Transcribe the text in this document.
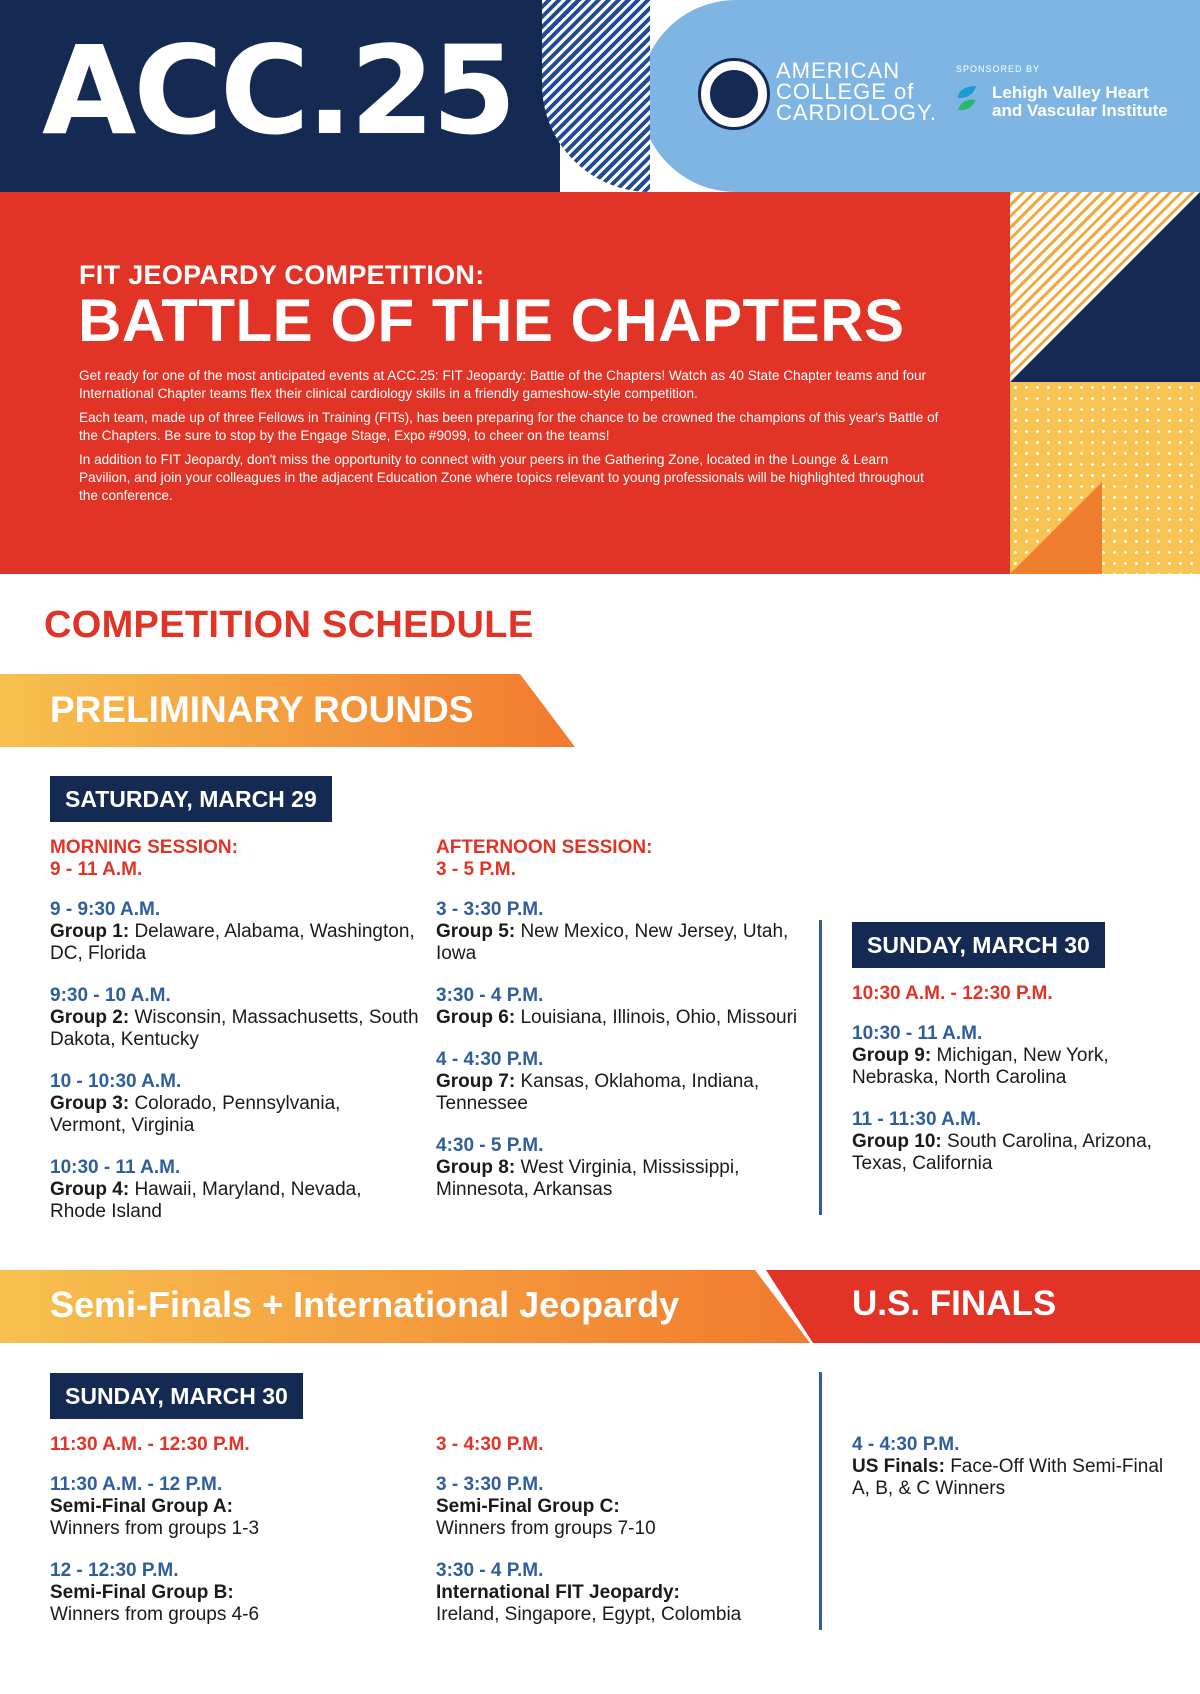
ACC.25	AMERICAN COLLEGE of CARDIOLOGY.
SPONSORED BY
Lehigh Valley Heart and Vascular Institute
FIT JEOPARDY COMPETITION:
BATTLE OF THE CHAPTERS

Get ready for one of the most anticipated events at ACC.25: FIT Jeopardy: Battle of the Chapters! Watch as 40 State Chapter teams and four International Chapter teams flex their clinical cardiology skills in a friendly gameshow-style competition.

Each team, made up of three Fellows in Training (FITs), has been preparing for the chance to be crowned the champions of this year's Battle of the Chapters. Be sure to stop by the Engage Stage, Expo #9099, to cheer on the teams!

In addition to FIT Jeopardy, don't miss the opportunity to connect with your peers in the Gathering Zone, located in the Lounge & Learn Pavilion, and join your colleagues in the adjacent Education Zone where topics relevant to young professionals will be highlighted throughout the conference.

COMPETITION SCHEDULE
PRELIMINARY ROUNDS
SATURDAY, MARCH 29
MORNING SESSION:
9 - 11 A.M.
9 - 9:30 A.M.
Group 1: Delaware, Alabama, Washington, DC, Florida
9:30 - 10 A.M.
Group 2: Wisconsin, Massachusetts, South Dakota, Kentucky
10 - 10:30 A.M.
Group 3: Colorado, Pennsylvania, Vermont, Virginia
10:30 - 11 A.M.
Group 4: Hawaii, Maryland, Nevada, Rhode Island
AFTERNOON SESSION:
3 - 5 P.M.
3 - 3:30 P.M.
Group 5: New Mexico, New Jersey, Utah, Iowa
3:30 - 4 P.M.
Group 6: Louisiana, Illinois, Ohio, Missouri
4 - 4:30 P.M.
Group 7: Kansas, Oklahoma, Indiana, Tennessee
4:30 - 5 P.M.
Group 8: West Virginia, Mississippi, Minnesota, Arkansas
SUNDAY, MARCH 30
10:30 A.M. - 12:30 P.M.
10:30 - 11 A.M.
Group 9: Michigan, New York, Nebraska, North Carolina
11 - 11:30 A.M.
Group 10: South Carolina, Arizona, Texas, California
Semi-Finals + International Jeopardy	U.S. FINALS
SUNDAY, MARCH 30
11:30 A.M. - 12:30 P.M.
11:30 A.M. - 12 P.M.
Semi-Final Group A:
Winners from groups 1-3
12 - 12:30 P.M.
Semi-Final Group B:
Winners from groups 4-6
3 - 4:30 P.M.
3 - 3:30 P.M.
Semi-Final Group C:
Winners from groups 7-10
3:30 - 4 P.M.
International FIT Jeopardy:
Ireland, Singapore, Egypt, Colombia
4 - 4:30 P.M.
US Finals: Face-Off With Semi-Final A, B, & C Winners
